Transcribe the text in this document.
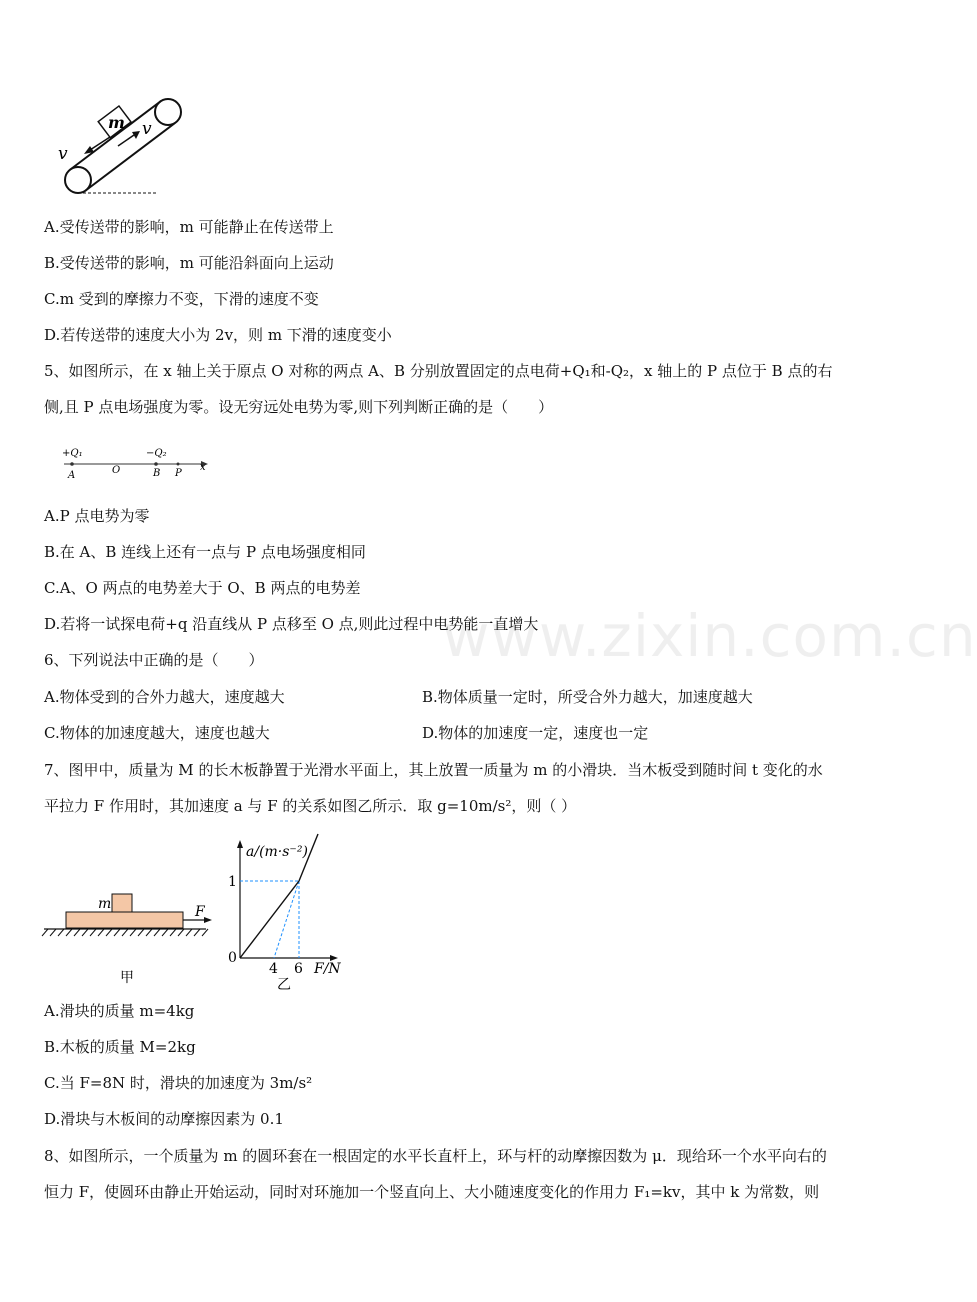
www.zixin.com.cn
m
v
v
A.受传送带的影响，m 可能静止在传送带上
B.受传送带的影响，m 可能沿斜面向上运动
C.m 受到的摩擦力不变，下滑的速度不变
D.若传送带的速度大小为 2v，则 m 下滑的速度变小
5、如图所示，在 x 轴上关于原点 O 对称的两点 A、B 分别放置固定的点电荷+Q₁和-Q₂，x 轴上的 P 点位于 B 点的右
侧,且 P 点电场强度为零。设无穷远处电势为零,则下列判断正确的是（　　）
+Q₁	−Q₂
A	O	B P
x
A.P 点电势为零
B.在 A、B 连线上还有一点与 P 点电场强度相同
C.A、O 两点的电势差大于 O、B 两点的电势差
D.若将一试探电荷+q 沿直线从 P 点移至 O 点,则此过程中电势能一直增大
6、下列说法中正确的是（　　）
A.物体受到的合外力越大，速度越大	B.物体质量一定时，所受合外力越大，加速度越大
C.物体的加速度越大，速度也越大	D.物体的加速度一定，速度也一定
7、图甲中，质量为 M 的长木板静置于光滑水平面上，其上放置一质量为 m 的小滑块．当木板受到随时间 t 变化的水
平拉力 F 作用时，其加速度 a 与 F 的关系如图乙所示．取 g=10m/s²，则（ ）
m	F
甲
a/(m·s⁻²)
1
0
4 6 F/N
乙
A.滑块的质量 m=4kg
B.木板的质量 M=2kg
C.当 F=8N 时，滑块的加速度为 3m/s²
D.滑块与木板间的动摩擦因素为 0.1
8、如图所示，一个质量为 m 的圆环套在一根固定的水平长直杆上，环与杆的动摩擦因数为 μ．现给环一个水平向右的
恒力 F，使圆环由静止开始运动，同时对环施加一个竖直向上、大小随速度变化的作用力 F₁=kv，其中 k 为常数，则
